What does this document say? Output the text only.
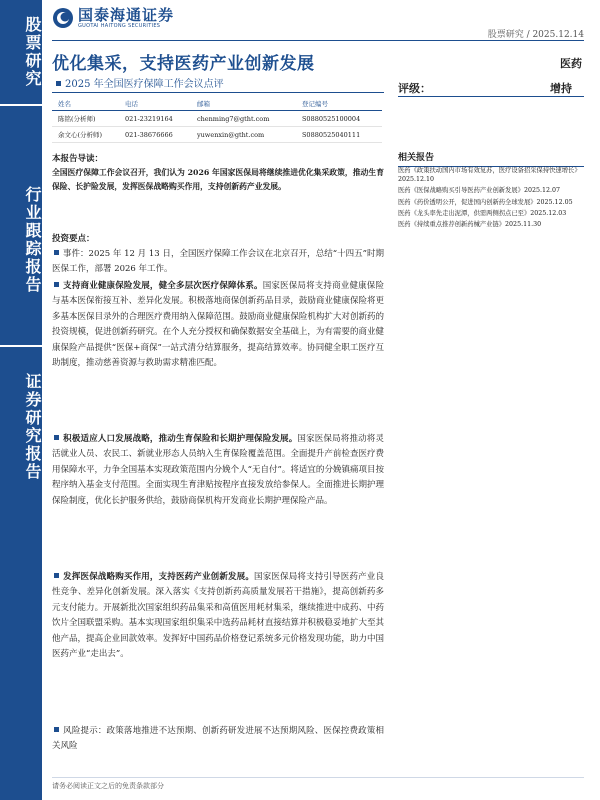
股票研究
行业跟踪报告
证券研究报告
国泰海通证券
GUOTAI HAITONG SECURITIES
股票研究 / 2025.12.14
优化集采，支持医药产业创新发展	医药
2025 年全国医疗保障工作会议点评	评级：	增持
姓名	电话	邮箱	登记编号
陈铭(分析师)	021-23219164	chenming7@gtht.com	S0880525100004
余文心(分析师)	021-38676666	yuwenxin@gtht.com	S0880525040111
本报告导读：
全国医疗保障工作会议召开，我们认为 2026 年国家医保局将继续推进优化集采政策，推动生育保险、长护险发展，发挥医保战略购买作用，支持创新药产业发展。
投资要点：
事件：2025 年 12 月 13 日，全国医疗保障工作会议在北京召开，总结“十四五”时期医保工作，部署 2026 年工作。
支持商业健康保险发展，健全多层次医疗保障体系。国家医保局将支持商业健康保险与基本医保衔接互补、差异化发展。积极落地商保创新药品目录，鼓励商业健康保险将更多基本医保目录外的合理医疗费用纳入保障范围。鼓励商业健康保险机构扩大对创新药的投资规模，促进创新药研究。在个人充分授权和确保数据安全基础上，为有需要的商业健康保险产品提供“医保+商保”一站式清分结算服务，提高结算效率。协同健全职工医疗互助制度，推动慈善资源与救助需求精准匹配。
积极适应人口发展战略，推动生育保险和长期护理保险发展。国家医保局将推动将灵活就业人员、农民工、新就业形态人员纳入生育保险覆盖范围。全面提升产前检查医疗费用保障水平，力争全国基本实现政策范围内分娩个人“无自付”。将适宜的分娩镇痛项目按程序纳入基金支付范围。全面实现生育津贴按程序直接发放给参保人。全面推进长期护理保险制度，优化长护服务供给，鼓励商保机构开发商业长期护理保险产品。
发挥医保战略购买作用，支持医药产业创新发展。国家医保局将支持引导医药产业良性竞争、差异化创新发展。深入落实《支持创新药高质量发展若干措施》，提高创新药多元支付能力。开展新批次国家组织药品集采和高值医用耗材集采，继续推进中成药、中药饮片全国联盟采购。基本实现国家组织集采中选药品耗材直接结算并积极稳妥地扩大至其他产品，提高企业回款效率。发挥好中国药品价格登记系统多元价格发现功能，助力中国医药产业“走出去”。
风险提示：政策落地推进不达预期、创新药研发进展不达预期风险、医保控费政策相关风险
相关报告
医药《政策扶动国内市场有效复苏，医疗设备招采保持快速增长》2025.12.10
医药《医保战略购买引导医药产业创新发展》2025.12.07
医药《药价透明公开，促进国内创新药全球发展》2025.12.05
医药《龙头率先走出泥潭，供需两侧拐点已至》2025.12.03
医药《持续重点推荐创新药械产业链》2025.11.30
请务必阅读正文之后的免责条款部分
